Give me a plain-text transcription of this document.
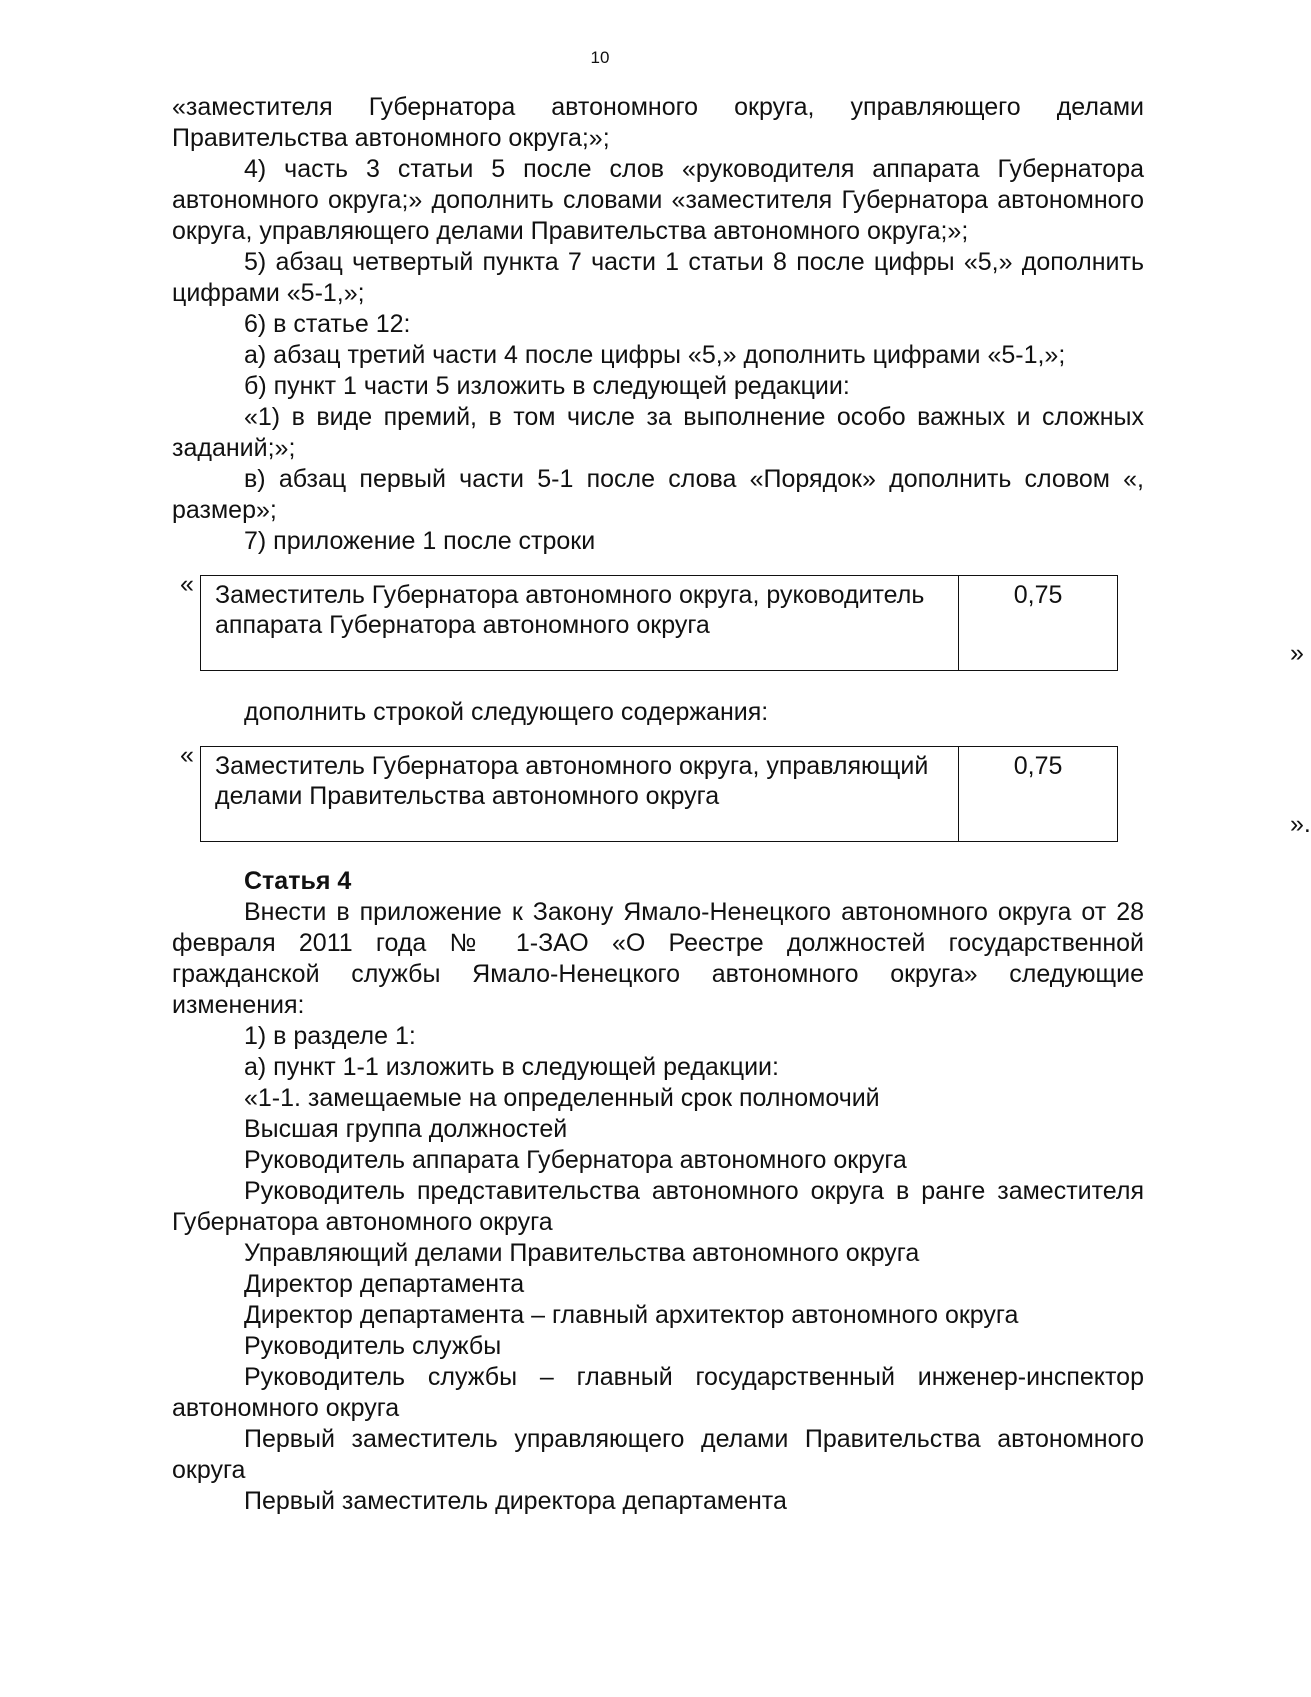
10

«заместителя Губернатора автономного округа, управляющего делами Правительства автономного округа;»;

4) часть 3 статьи 5 после слов «руководителя аппарата Губернатора автономного округа;» дополнить словами «заместителя Губернатора автономного округа, управляющего делами Правительства автономного округа;»;

5) абзац четвертый пункта 7 части 1 статьи 8 после цифры «5,» дополнить цифрами «5-1,»;

6) в статье 12:

а) абзац третий части 4 после цифры «5,» дополнить цифрами «5-1,»;

б) пункт 1 части 5 изложить в следующей редакции:

«1) в виде премий, в том числе за выполнение особо важных и сложных заданий;»;

в) абзац первый части 5-1 после слова «Порядок» дополнить словом «, размер»;

7) приложение 1 после строки

« Заместитель Губернатора автономного округа, руководитель аппарата Губернатора автономного округа	0,75
»

дополнить строкой следующего содержания:

« Заместитель Губернатора автономного округа, управляющий делами Правительства автономного округа	0,75
».

Статья 4

Внести в приложение к Закону Ямало-Ненецкого автономного округа от 28 февраля 2011 года № 1-ЗАО «О Реестре должностей государственной гражданской службы Ямало-Ненецкого автономного округа» следующие изменения:

1) в разделе 1:

а) пункт 1-1 изложить в следующей редакции:

«1-1. замещаемые на определенный срок полномочий

Высшая группа должностей

Руководитель аппарата Губернатора автономного округа

Руководитель представительства автономного округа в ранге заместителя Губернатора автономного округа

Управляющий делами Правительства автономного округа

Директор департамента

Директор департамента – главный архитектор автономного округа

Руководитель службы

Руководитель службы – главный государственный инженер-инспектор автономного округа

Первый заместитель управляющего делами Правительства автономного округа

Первый заместитель директора департамента
